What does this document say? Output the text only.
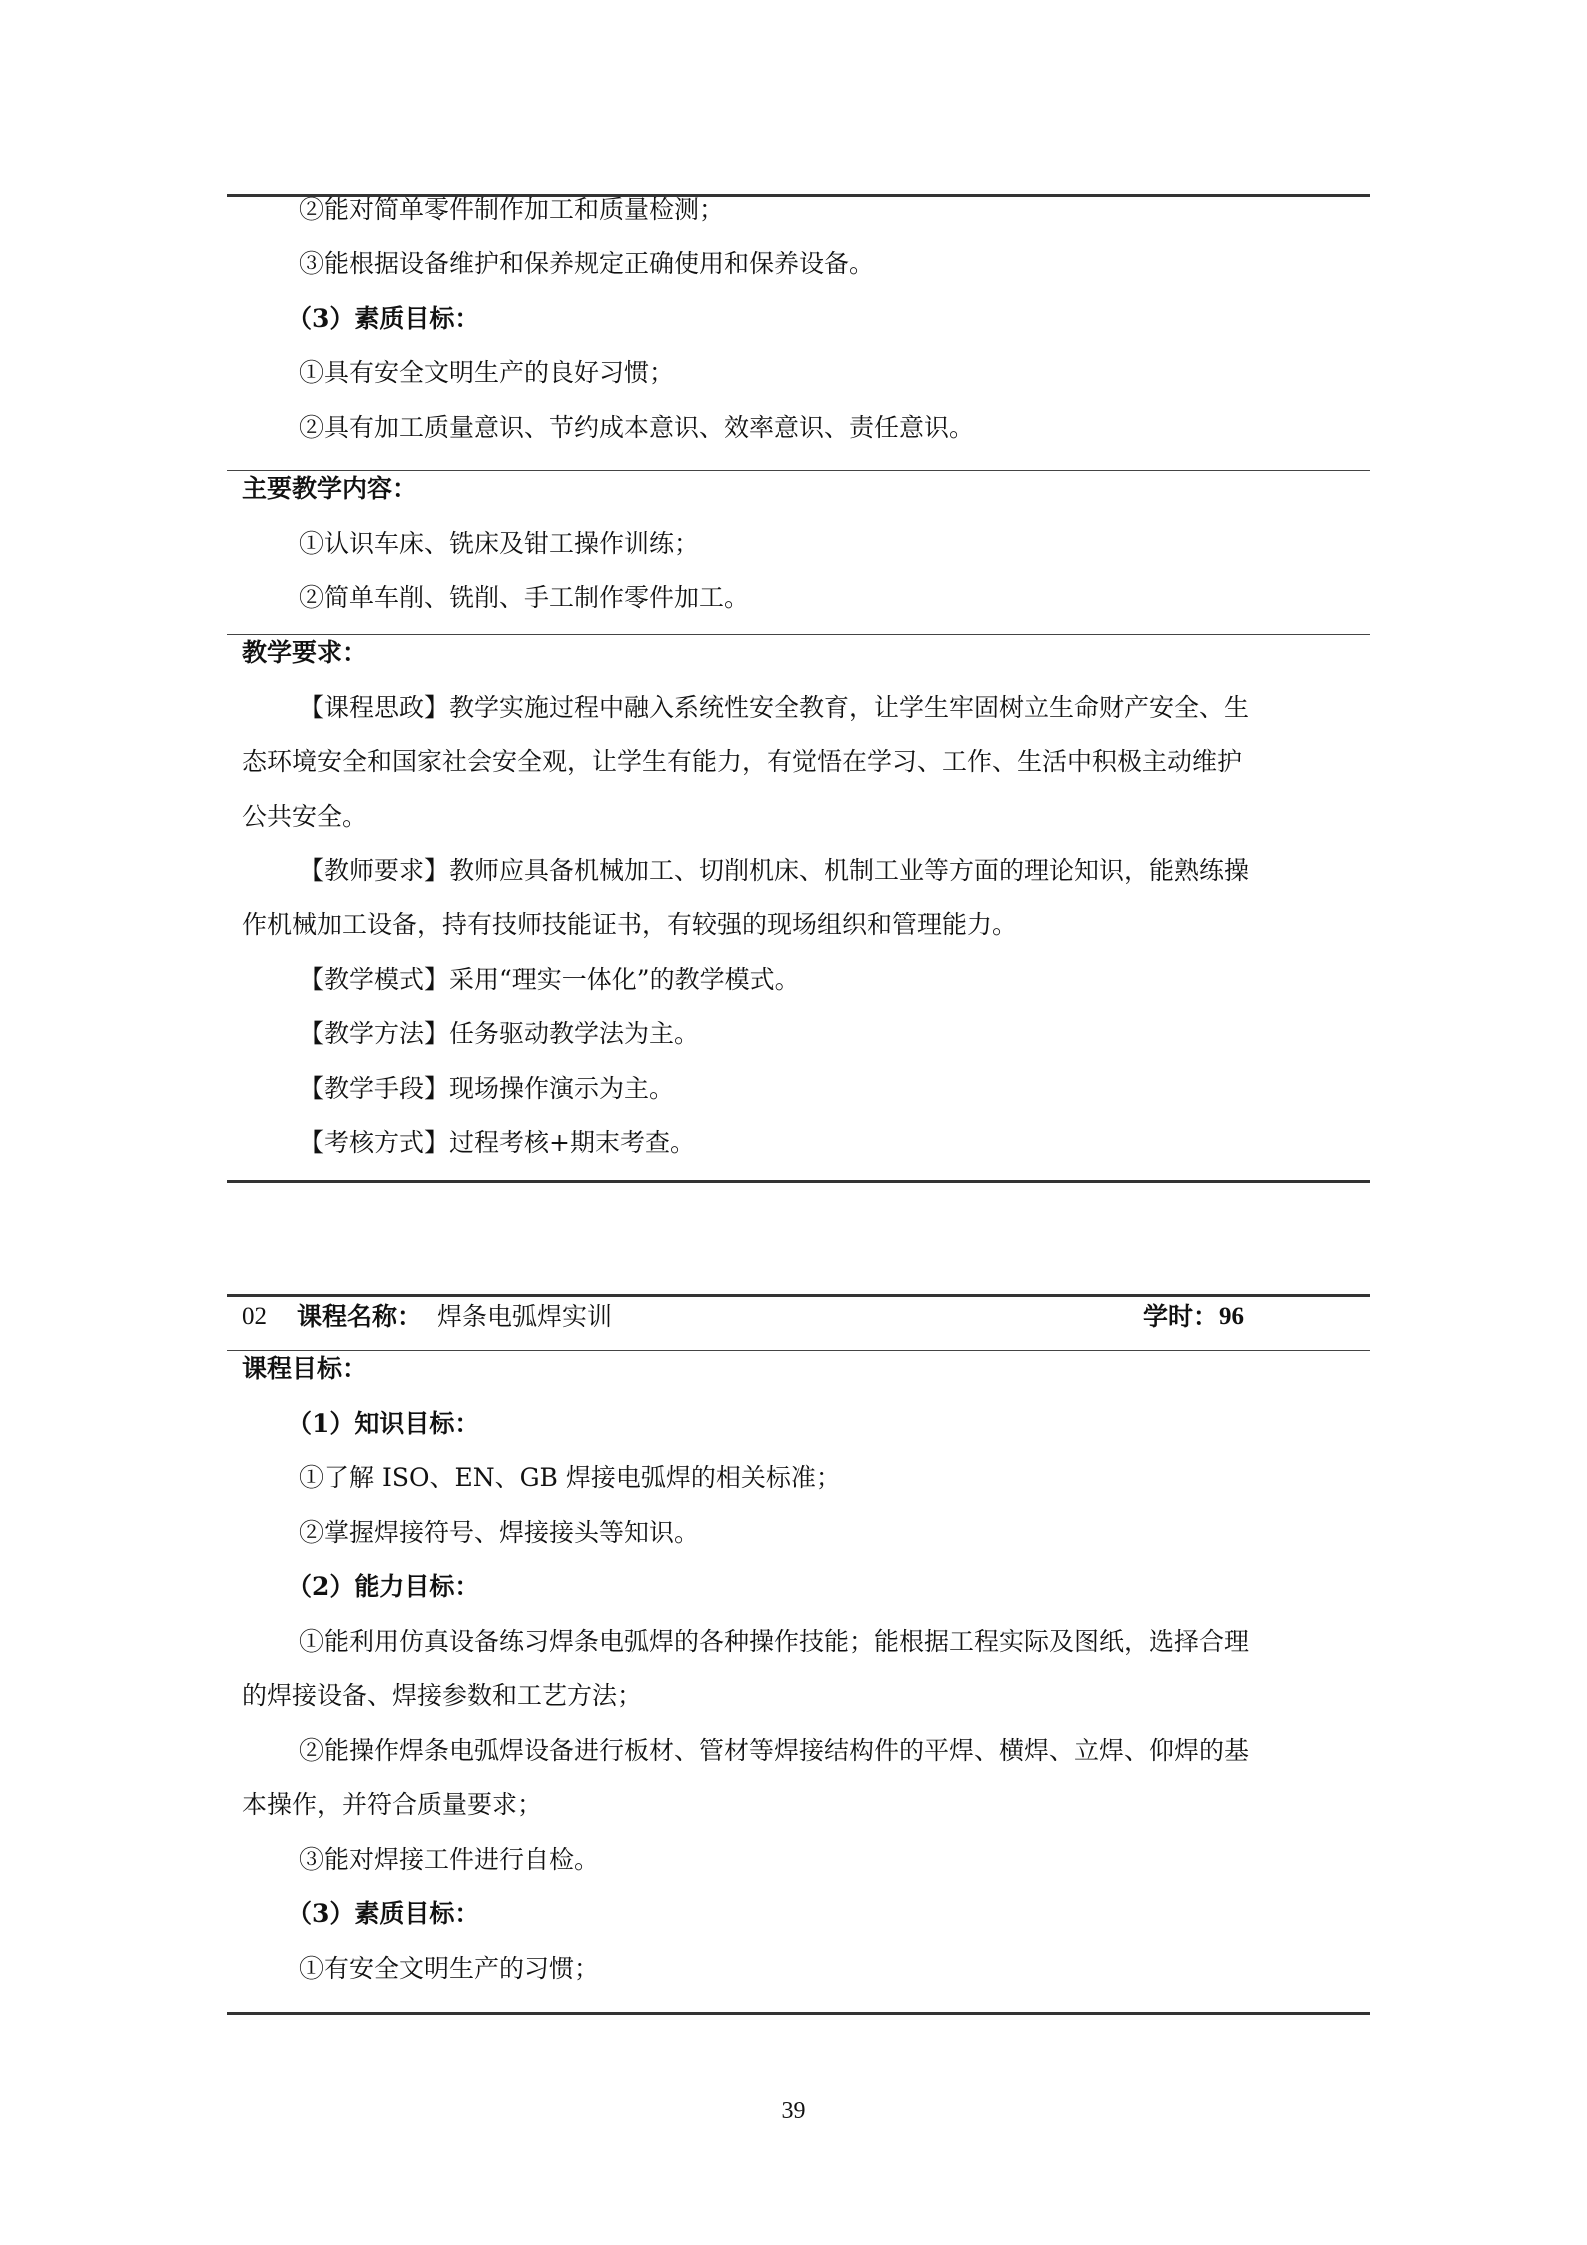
②能对简单零件制作加工和质量检测；
③能根据设备维护和保养规定正确使用和保养设备。
（3）素质目标：
①具有安全文明生产的良好习惯；
②具有加工质量意识、节约成本意识、效率意识、责任意识。
主要教学内容：
①认识车床、铣床及钳工操作训练；
②简单车削、铣削、手工制作零件加工。
教学要求：
【课程思政】教学实施过程中融入系统性安全教育，让学生牢固树立生命财产安全、生
态环境安全和国家社会安全观，让学生有能力，有觉悟在学习、工作、生活中积极主动维护
公共安全。
【教师要求】教师应具备机械加工、切削机床、机制工业等方面的理论知识，能熟练操
作机械加工设备，持有技师技能证书，有较强的现场组织和管理能力。
【教学模式】采用“理实一体化”的教学模式。
【教学方法】任务驱动教学法为主。
【教学手段】现场操作演示为主。
【考核方式】过程考核+期末考查。
02 课程名称： 焊条电弧焊实训	学时： 96
课程目标：
（1）知识目标：
①了解 ISO、EN、GB 焊接电弧焊的相关标准；
②掌握焊接符号、焊接接头等知识。
（2）能力目标：
①能利用仿真设备练习焊条电弧焊的各种操作技能；能根据工程实际及图纸，选择合理
的焊接设备、焊接参数和工艺方法；
②能操作焊条电弧焊设备进行板材、管材等焊接结构件的平焊、横焊、立焊、仰焊的基
本操作，并符合质量要求；
③能对焊接工件进行自检。
（3）素质目标：
①有安全文明生产的习惯；
39
